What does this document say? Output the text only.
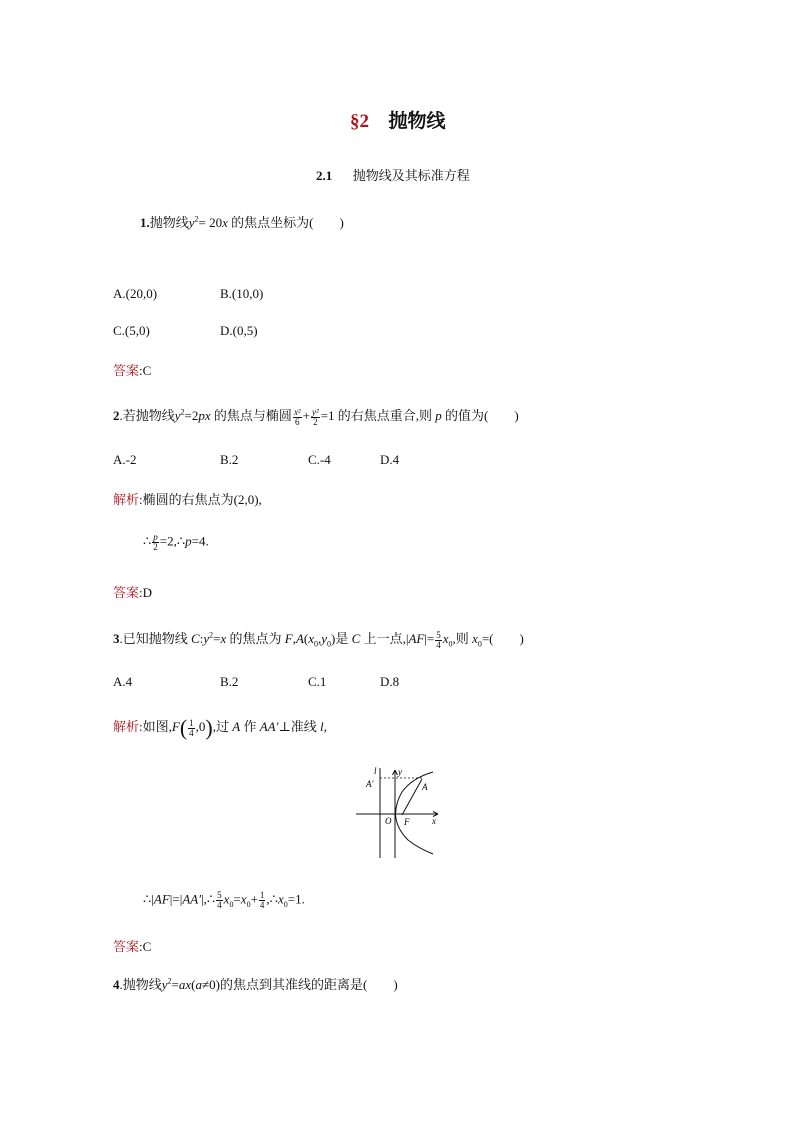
§2 抛物线
2.1 抛物线及其标准方程
1.抛物线$y^2= 20x$ 的焦点坐标为(　　)
A.(20,0)	B.(10,0)
C.(5,0)	D.(0,5)
答案:C
2.若抛物线$y^2=2px$ 的焦点与椭圆 $\frac{\text{x²}}{6} + \frac{\text{y²}}{2} =1$ 的右焦点重合,则 p 的值为(　　)
A.-2	B.2	C.-4	D.4
解析:椭圆的右焦点为(2,0),
∴ $\frac{p}{2}$ =2,∴p=4.
答案:D
3.已知抛物线 $C:y^2=x$ 的焦点为 $F,A(x_0,y_0)$是 C 上一点$,|AF|= \frac{5}{4} x_0$,则 $x_0=$(　　)
A.4	B.2	C.1	D.8
解析:如图$,F( \frac{1}{4} ,0)$,过 A 作 AA′⊥准线 l,
l y
A′	A
O F	x
∴|AF|=|AA′|,∴ $\frac{5}{4} x_0=x_0+ \frac{1}{4}$ $,\therefore x_0=1$.
答案:C
4.抛物线$y^2=ax(a\ne 0)$的焦点到其准线的距离是(　　)
